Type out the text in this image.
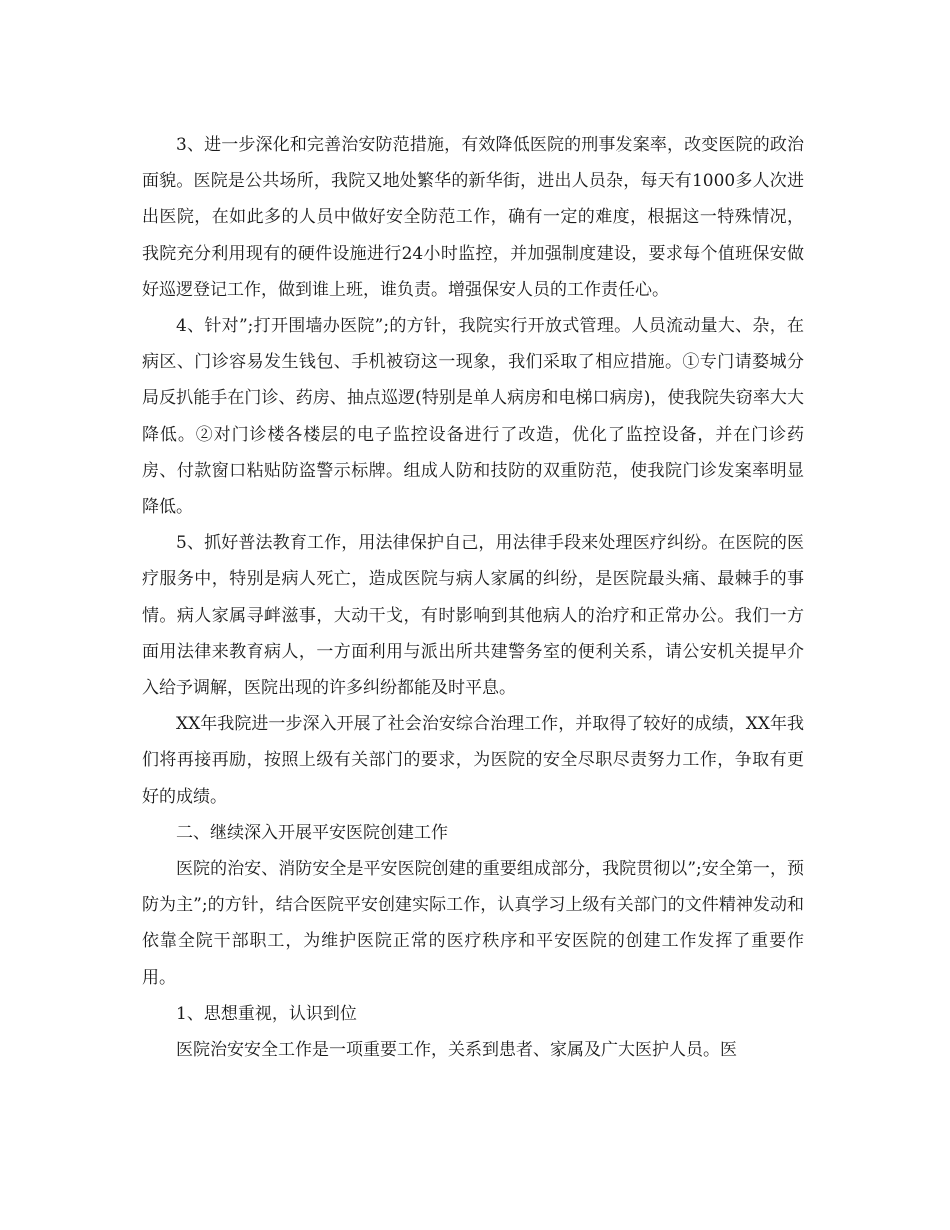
3、进一步深化和完善治安防范措施，有效降低医院的刑事发案率，改变医院的政治面貌。医院是公共场所，我院又地处繁华的新华街，进出人员杂，每天有1000多人次进出医院，在如此多的人员中做好安全防范工作，确有一定的难度，根据这一特殊情况，我院充分利用现有的硬件设施进行24小时监控，并加强制度建设，要求每个值班保安做好巡逻登记工作，做到谁上班，谁负责。增强保安人员的工作责任心。

4、针对”;打开围墙办医院”;的方针，我院实行开放式管理。人员流动量大、杂，在病区、门诊容易发生钱包、手机被窃这一现象，我们采取了相应措施。①专门请婺城分局反扒能手在门诊、药房、抽点巡逻(特别是单人病房和电梯口病房)，使我院失窃率大大降低。②对门诊楼各楼层的电子监控设备进行了改造，优化了监控设备，并在门诊药房、付款窗口粘贴防盗警示标牌。组成人防和技防的双重防范，使我院门诊发案率明显降低。

5、抓好普法教育工作，用法律保护自己，用法律手段来处理医疗纠纷。在医院的医疗服务中，特别是病人死亡，造成医院与病人家属的纠纷，是医院最头痛、最棘手的事情。病人家属寻衅滋事，大动干戈，有时影响到其他病人的治疗和正常办公。我们一方面用法律来教育病人，一方面利用与派出所共建警务室的便利关系，请公安机关提早介入给予调解，医院出现的许多纠纷都能及时平息。

XX年我院进一步深入开展了社会治安综合治理工作，并取得了较好的成绩，XX年我们将再接再励，按照上级有关部门的要求，为医院的安全尽职尽责努力工作，争取有更好的成绩。

二、继续深入开展平安医院创建工作

医院的治安、消防安全是平安医院创建的重要组成部分，我院贯彻以”;安全第一，预防为主”;的方针，结合医院平安创建实际工作，认真学习上级有关部门的文件精神发动和依靠全院干部职工，为维护医院正常的医疗秩序和平安医院的创建工作发挥了重要作用。

1、思想重视，认识到位

医院治安安全工作是一项重要工作，关系到患者、家属及广大医护人员。医
